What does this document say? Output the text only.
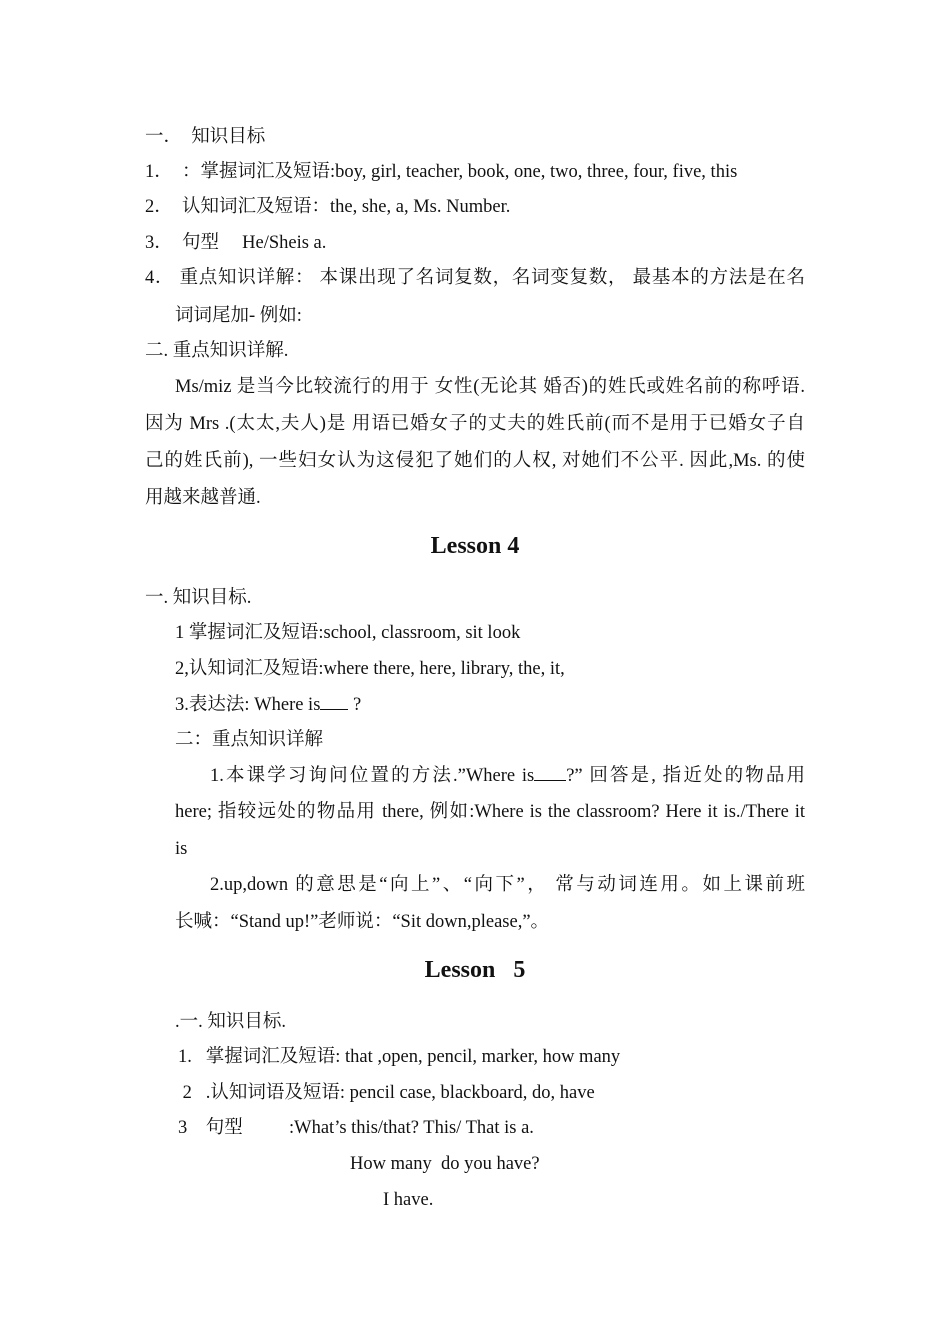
一．  知识目标

1．  ：掌握词汇及短语:boy, girl, teacher, book, one, two, three, four, five, this

2．  认知词汇及短语：the, she, a, Ms. Number.

3．  句型     He/Sheis a.

4． 重点知识详解： 本课出现了名词复数，名词变复数， 最基本的方法是在名

词词尾加- 例如:

二. 重点知识详解.

Ms/miz 是当今比较流行的用于 女性(无论其 婚否)的姓氏或姓名前的称呼语.

因为 Mrs .(太太,夫人)是 用语已婚女子的丈夫的姓氏前(而不是用于已婚女子自

己的姓氏前), 一些妇女认为这侵犯了她们的人权, 对她们不公平. 因此,Ms. 的使

用越来越普通.

Lesson 4

一. 知识目标.

1 掌握词汇及短语:school, classroom, sit look

2,认知词汇及短语:where there, here, library, the, it,

3.表达法: Where is ?

二：重点知识详解

1.本课学习询问位置的方法.”Where is ?” 回答是, 指近处的物品用

here; 指较远处的物品用 there, 例如:Where is the classroom? Here it is./There it

is

2.up,down 的意思是“向上”、“向下”， 常与动词连用。如上课前班

长喊：“Stand up!”老师说：“Sit down,please,”。

Lesson   5

.一. 知识目标.

1.   掌握词汇及短语: that ,open, pencil, marker, how many

2   .认知词语及短语: pencil case, blackboard, do, have

3    句型          :What’s this/that? This/ That is a.

How many  do you have?

I have.
